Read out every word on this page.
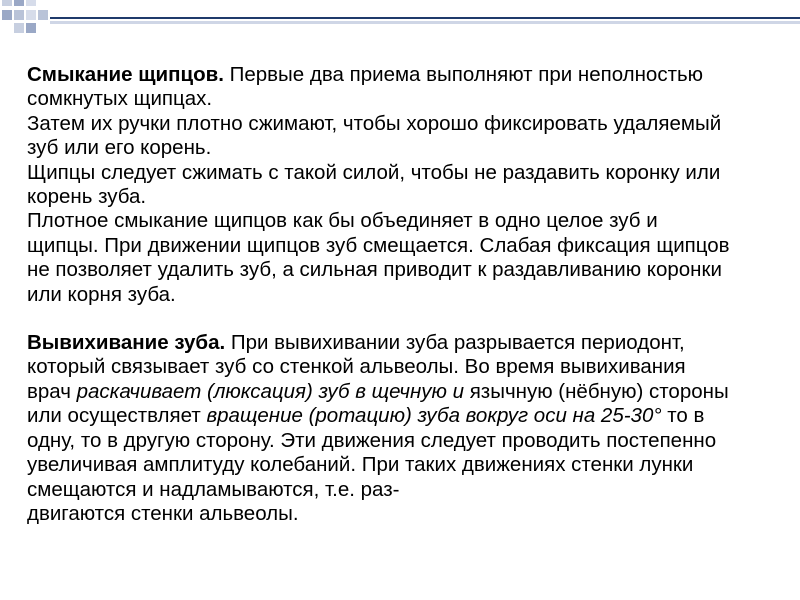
Смыкание щипцов. Первые два приема выполняют при неполностью

сомкнутых щипцах.

Затем их ручки плотно сжимают, чтобы хорошо фиксировать удаляемый

зуб или его корень.

Щипцы следует сжимать с такой силой, чтобы не раздавить коронку или

корень зуба.

Плотное смыкание щипцов как бы объединяет в одно целое зуб и

щипцы. При движении щипцов зуб смещается. Слабая фиксация щипцов

не позволяет удалить зуб, а сильная приводит к раздавливанию коронки

или корня зуба.

Вывихивание зуба. При вывихивании зуба разрывается периодонт,

который связывает зуб со стенкой альвеолы. Во время вывихивания

врач раскачивает (люксация) зуб в щечную и язычную (нёбную) стороны

или осуществляет вращение (ротацию) зуба вокруг оси на 25-30° то в

одну, то в другую сторону. Эти движения следует проводить постепенно

увеличивая амплитуду колебаний. При таких движениях стенки лунки

смещаются и надламываются, т.е. раз-

двигаются стенки альвеолы.
